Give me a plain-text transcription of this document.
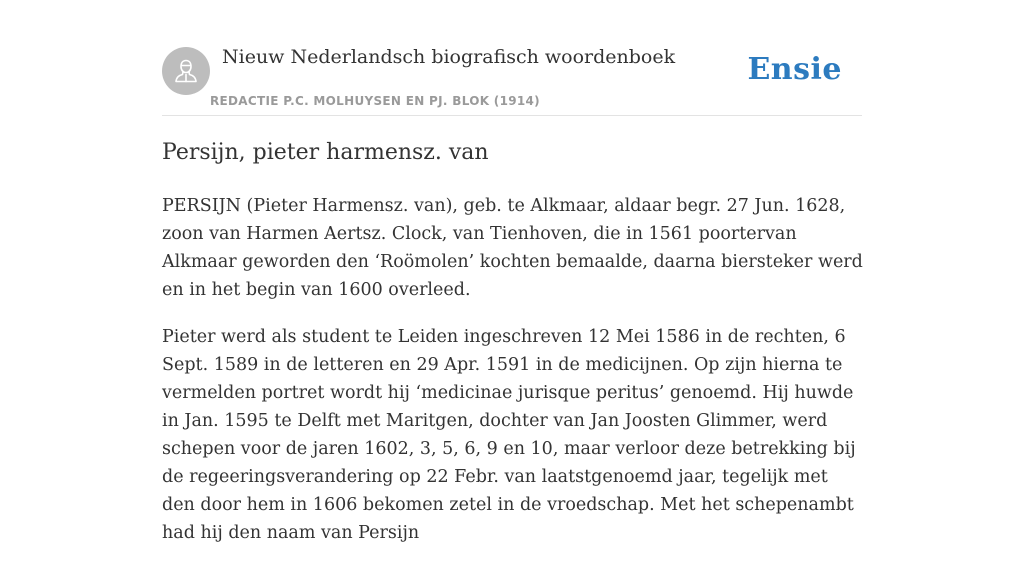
Nieuw Nederlandsch biografisch woordenboek
REDACTIE P.C. MOLHUYSEN EN PJ. BLOK (1914)
Ensie
Persijn, pieter harmensz. van

PERSIJN (Pieter Harmensz. van), geb. te Alkmaar, aldaar begr. 27 Jun. 1628, zoon van Harmen Aertsz. Clock, van Tienhoven, die in 1561 poortervan Alkmaar geworden den ‘Roömolen’ kochten bemaalde, daarna biersteker werd en in het begin van 1600 overleed.

Pieter werd als student te Leiden ingeschreven 12 Mei 1586 in de rechten, 6 Sept. 1589 in de letteren en 29 Apr. 1591 in de medicijnen. Op zijn hierna te vermelden portret wordt hij ‘medicinae jurisque peritus’ genoemd. Hij huwde in Jan. 1595 te Delft met Maritgen, dochter van Jan Joosten Glimmer, werd schepen voor de jaren 1602, 3, 5, 6, 9 en 10, maar verloor deze betrekking bij de regeeringsverandering op 22 Febr. van laatstgenoemd jaar, tegelijk met den door hem in 1606 bekomen zetel in de vroedschap. Met het schepenambt had hij den naam van Persijn
